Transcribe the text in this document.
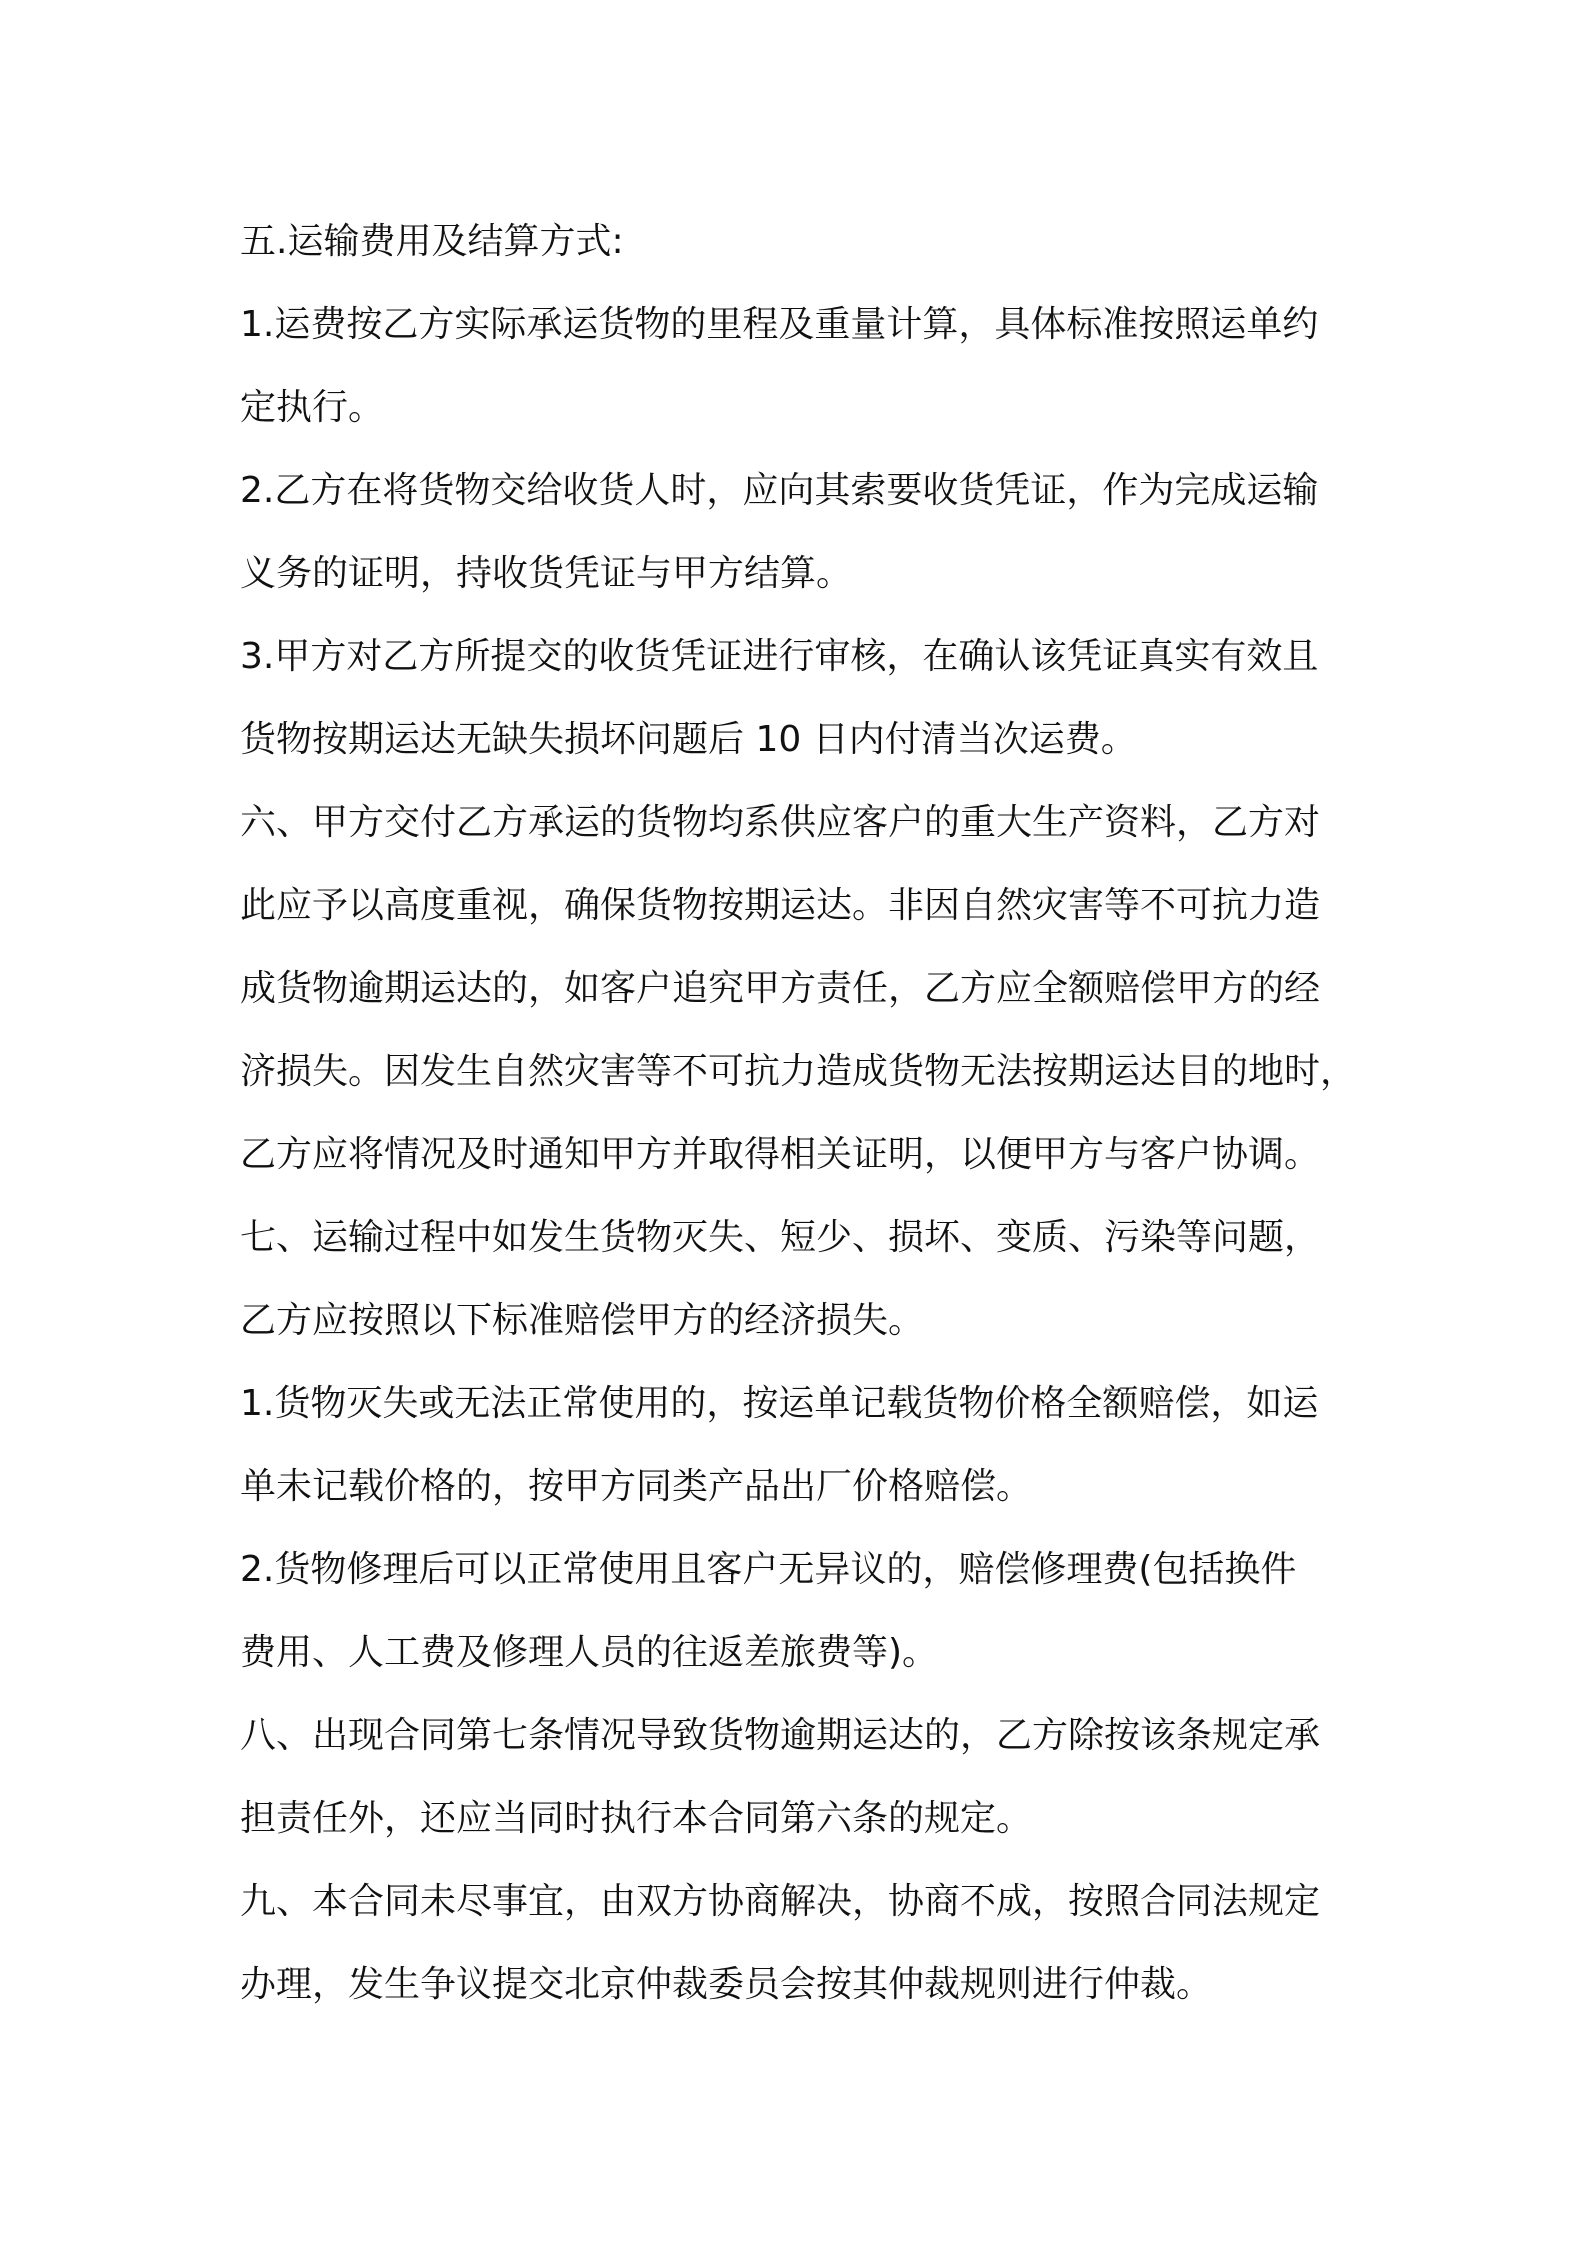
五.运输费用及结算方式:

1.运费按乙方实际承运货物的里程及重量计算，具体标准按照运单约

定执行。

2.乙方在将货物交给收货人时，应向其索要收货凭证，作为完成运输

义务的证明，持收货凭证与甲方结算。

3.甲方对乙方所提交的收货凭证进行审核，在确认该凭证真实有效且

货物按期运达无缺失损坏问题后 10 日内付清当次运费。

六、甲方交付乙方承运的货物均系供应客户的重大生产资料，乙方对

此应予以高度重视，确保货物按期运达。非因自然灾害等不可抗力造

成货物逾期运达的，如客户追究甲方责任，乙方应全额赔偿甲方的经

济损失。因发生自然灾害等不可抗力造成货物无法按期运达目的地时，

乙方应将情况及时通知甲方并取得相关证明，以便甲方与客户协调。

七、运输过程中如发生货物灭失、短少、损坏、变质、污染等问题，

乙方应按照以下标准赔偿甲方的经济损失。

1.货物灭失或无法正常使用的，按运单记载货物价格全额赔偿，如运

单未记载价格的，按甲方同类产品出厂价格赔偿。

2.货物修理后可以正常使用且客户无异议的，赔偿修理费(包括换件

费用、人工费及修理人员的往返差旅费等)。

八、出现合同第七条情况导致货物逾期运达的，乙方除按该条规定承

担责任外，还应当同时执行本合同第六条的规定。

九、本合同未尽事宜，由双方协商解决，协商不成，按照合同法规定

办理，发生争议提交北京仲裁委员会按其仲裁规则进行仲裁。
